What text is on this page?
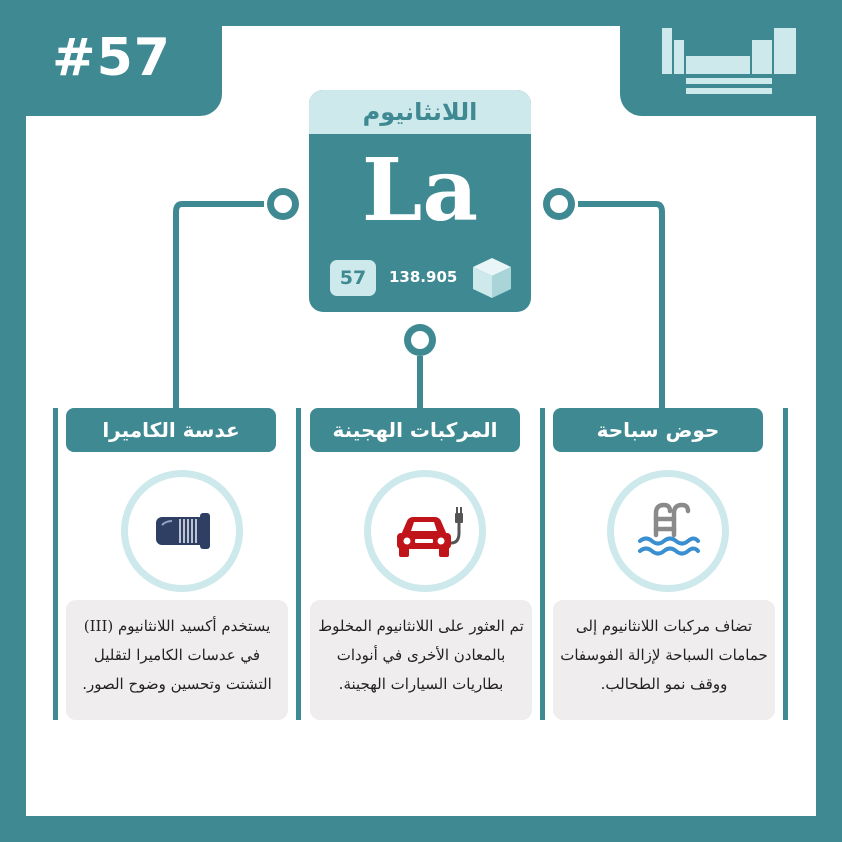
#57
اللانثانيوم
La
57	138.905
عدسة الكاميرا
يستخدم أكسيد اللانثانيوم (III) في عدسات الكاميرا لتقليل التشتت وتحسين وضوح الصور.
المركبات الهجينة
تم العثور على اللانثانيوم المخلوط بالمعادن الأخرى في أنودات بطاريات السيارات الهجينة.
حوض سباحة
تضاف مركبات اللانثانيوم إلى حمامات السباحة لإزالة الفوسفات ووقف نمو الطحالب.
